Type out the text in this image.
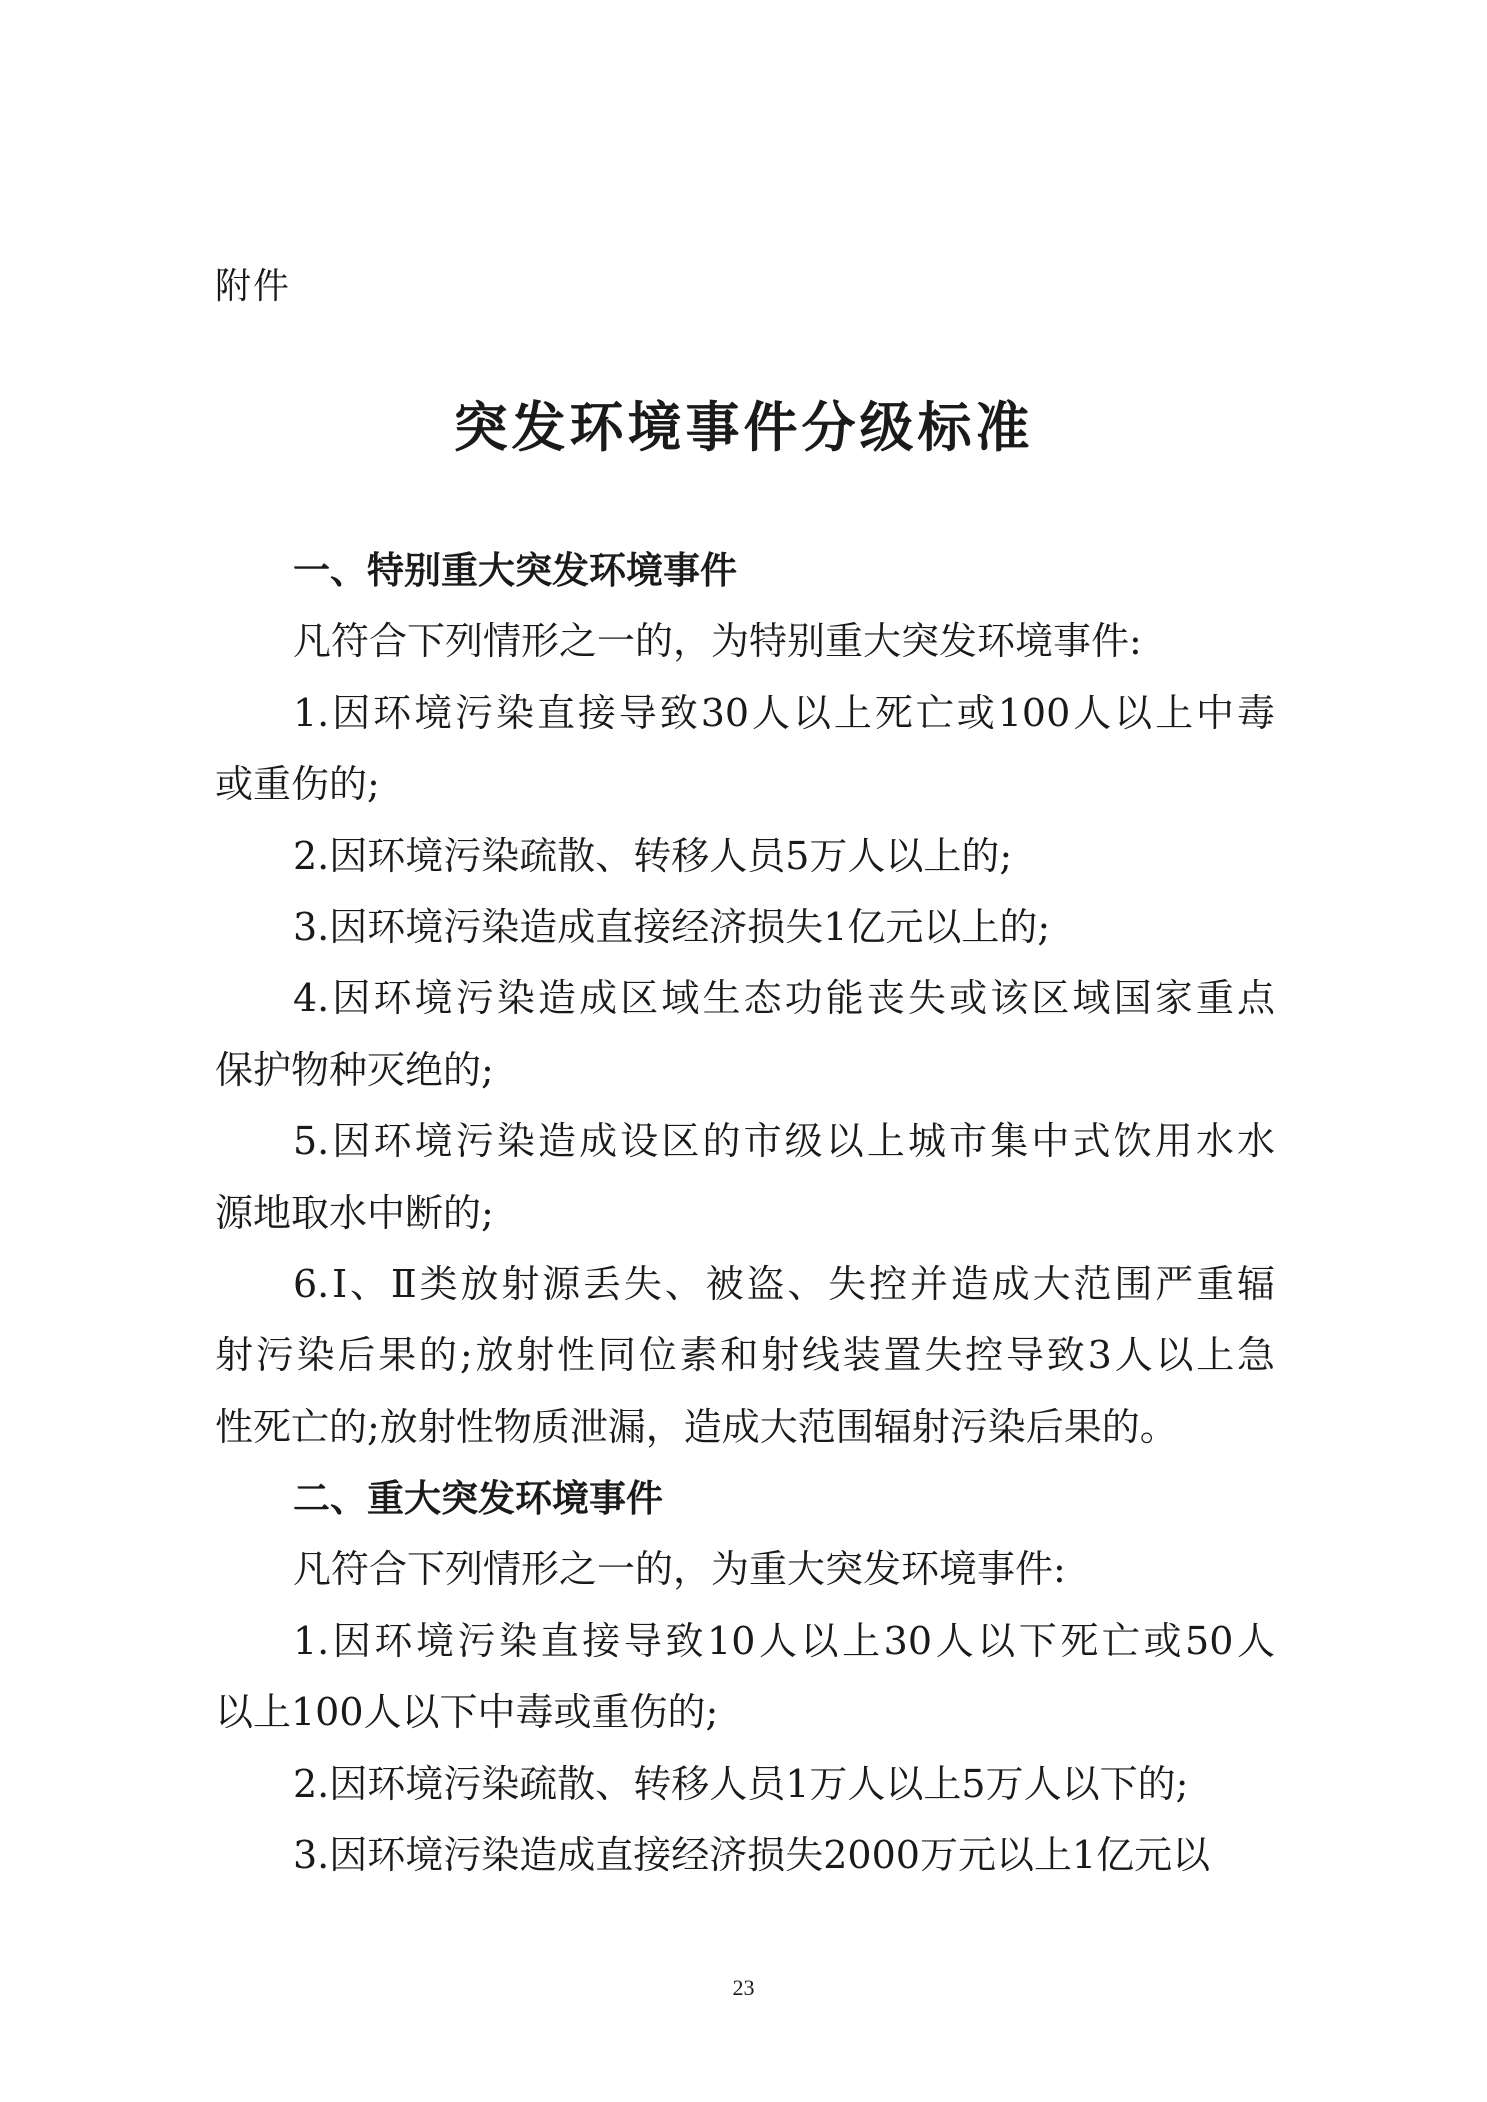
附件
突发环境事件分级标准
一、特别重大突发环境事件
凡符合下列情形之一的，为特别重大突发环境事件:
1.因环境污染直接导致30人以上死亡或100人以上中毒
或重伤的;
2.因环境污染疏散、转移人员5万人以上的;
3.因环境污染造成直接经济损失1亿元以上的;
4.因环境污染造成区域生态功能丧失或该区域国家重点
保护物种灭绝的;
5.因环境污染造成设区的市级以上城市集中式饮用水水
源地取水中断的;
6.Ⅰ、Ⅱ类放射源丢失、被盗、失控并造成大范围严重辐
射污染后果的;放射性同位素和射线装置失控导致3人以上急
性死亡的;放射性物质泄漏，造成大范围辐射污染后果的。
二、重大突发环境事件
凡符合下列情形之一的，为重大突发环境事件:
1.因环境污染直接导致10人以上30人以下死亡或50人
以上100人以下中毒或重伤的;
2.因环境污染疏散、转移人员1万人以上5万人以下的;
3.因环境污染造成直接经济损失2000万元以上1亿元以
23
